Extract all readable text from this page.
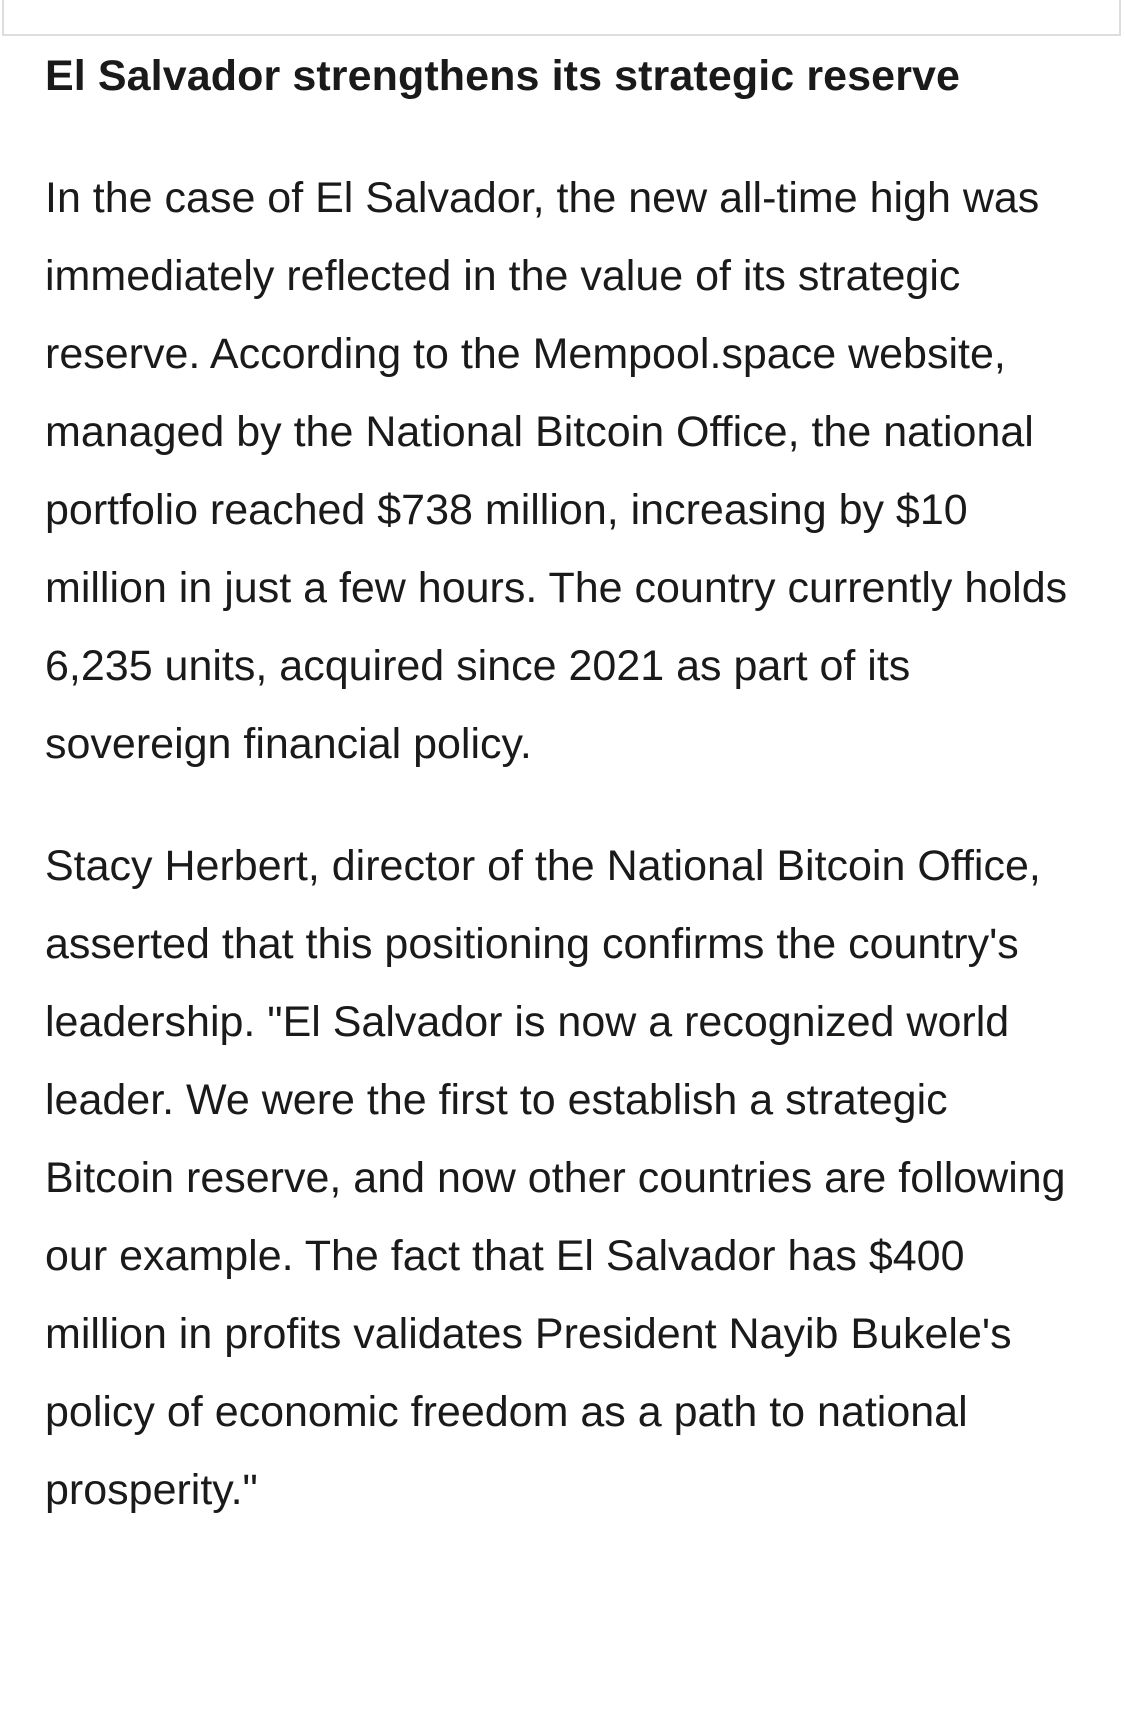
El Salvador strengthens its strategic reserve

In the case of El Salvador, the new all-time high was immediately reflected in the value of its strategic reserve. According to the Mempool.space website, managed by the National Bitcoin Office, the national portfolio reached $738 million, increasing by $10 million in just a few hours. The country currently holds 6,235 units, acquired since 2021 as part of its sovereign financial policy.

Stacy Herbert, director of the National Bitcoin Office, asserted that this positioning confirms the country's leadership. "El Salvador is now a recognized world leader. We were the first to establish a strategic Bitcoin reserve, and now other countries are following our example. The fact that El Salvador has $400 million in profits validates President Nayib Bukele's policy of economic freedom as a path to national prosperity."
